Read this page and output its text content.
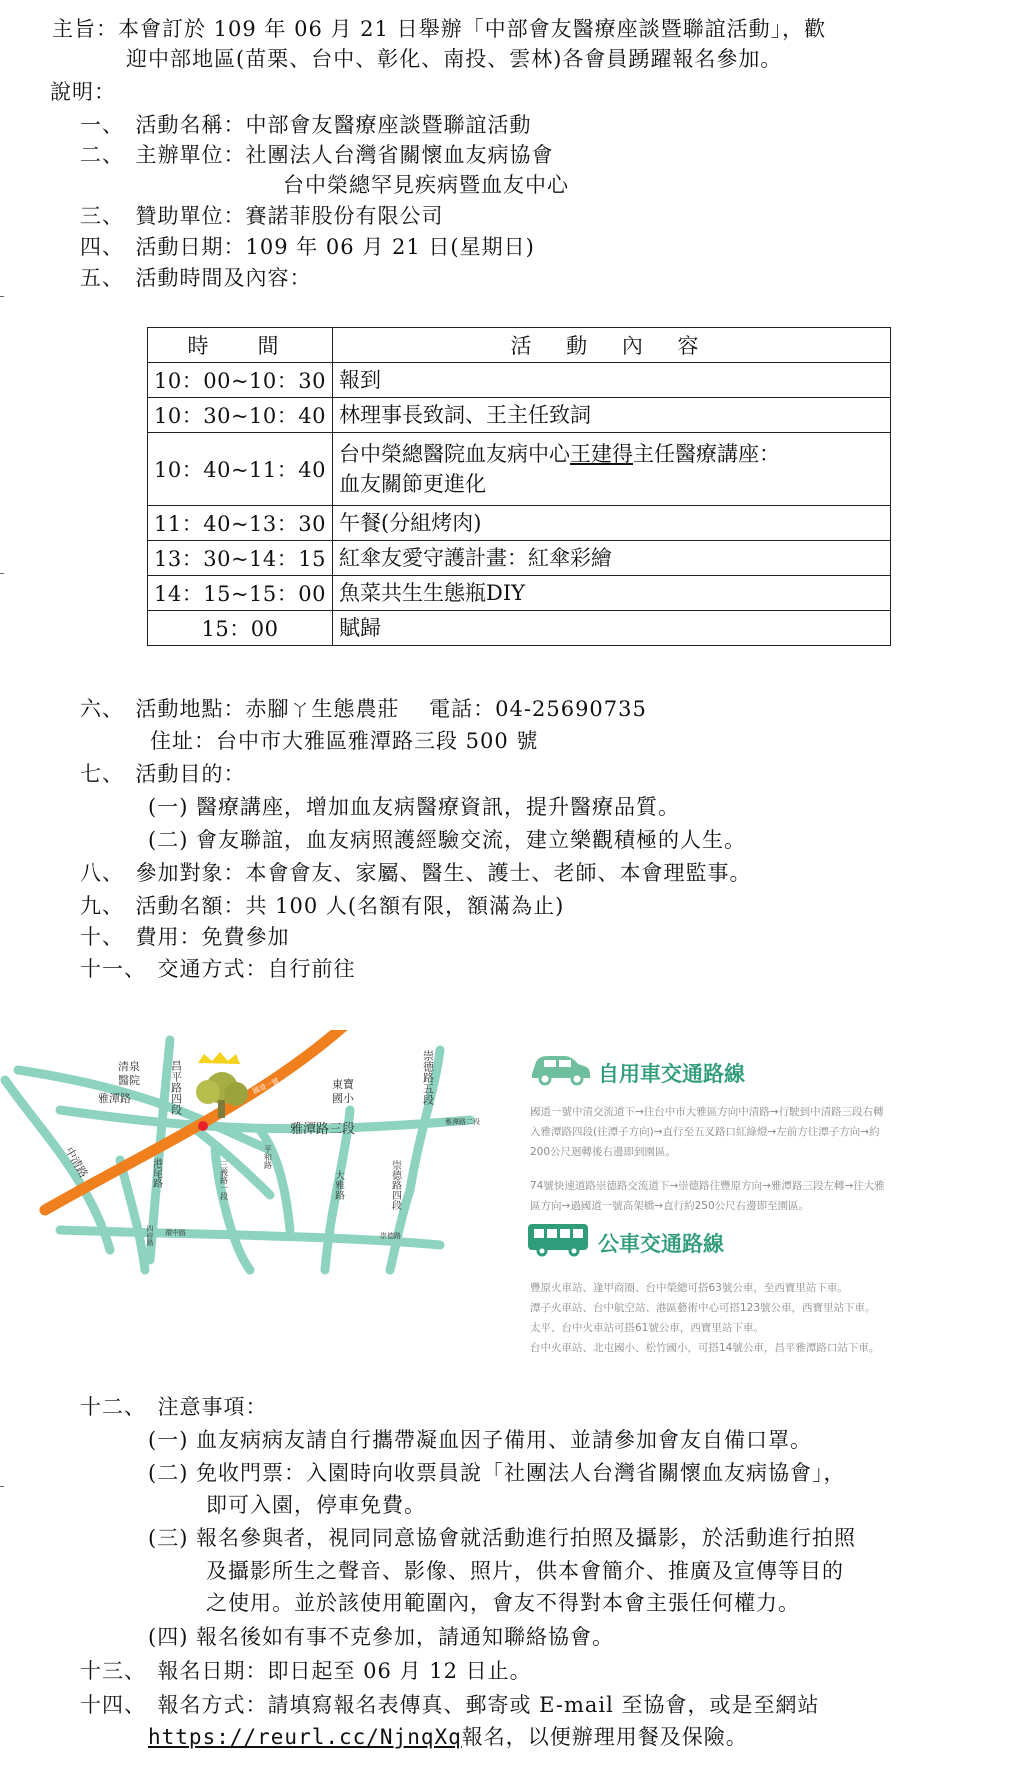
主旨：本會訂於 109 年 06 月 21 日舉辦「中部會友醫療座談暨聯誼活動」，歡
迎中部地區(苗栗、台中、彰化、南投、雲林)各會員踴躍報名參加。
說明：
一、　活動名稱：中部會友醫療座談暨聯誼活動
二、　主辦單位：社團法人台灣省關懷血友病協會
台中榮總罕見疾病暨血友中心
三、　贊助單位：賽諾菲股份有限公司
四、　活動日期：109 年 06 月 21 日(星期日)
五、　活動時間及內容：
時　間	活 動 內 容
10：00~10：30	報到
10：30~10：40	林理事長致詞、王主任致詞
10：40~11：40	台中榮總醫院血友病中心王建得主任醫療講座：
血友關節更進化
11：40~13：30	午餐(分組烤肉)
13：30~14：15	紅傘友愛守護計畫：紅傘彩繪
14：15~15：00	魚菜共生生態瓶DIY
15：00	賦歸
六、　活動地點：赤腳ㄚ生態農莊　 電話：04-25690735
住址：台中市大雅區雅潭路三段 500 號
七、　活動目的：
(一) 醫療講座，增加血友病醫療資訊，提升醫療品質。
(二) 會友聯誼，血友病照護經驗交流，建立樂觀積極的人生。
八、　參加對象：本會會友、家屬、醫生、護士、老師、本會理監事。
九、　活動名額：共 100 人(名額有限，額滿為止)
十、　費用：免費參加
十一、　交通方式：自行前往
清泉
醫院
雅潭路	昌平路四段	東寶
國小
雅潭路三段
崇德路五段
中清路	港尾路
國道一號
崇德路四段
大雅路
四府路 環中路	崇德路
雅潭路二段
三義路一段
平和路
自用車交通路線
國道一號中清交流道下→往台中市大雅區方向中清路→行駛到中清路三段右轉
入雅潭路四段(往潭子方向)→直行至五叉路口紅綠燈→左前方往潭子方向→約
200公尺迴轉後右邊即到園區。
74號快速道路崇德路交流道下→崇德路往豐原方向→雅潭路三段左轉→往大雅
區方向→過國道一號高架橋→直行約250公尺右邊即至園區。
公車交通路線
豐原火車站、逢甲商圈、台中榮總可搭63號公車，至西寶里站下車。
潭子火車站、台中航空站、港區藝術中心可搭123號公車，西寶里站下車。
太平、台中火車站可搭61號公車，西寶里站下車。
台中火車站、北屯國小、松竹國小，可搭14號公車，昌平雅潭路口站下車。
十二、　注意事項：
(一) 血友病病友請自行攜帶凝血因子備用、並請參加會友自備口罩。
(二) 免收門票：入園時向收票員說「社團法人台灣省關懷血友病協會」，
即可入園，停車免費。
(三) 報名參與者，視同同意協會就活動進行拍照及攝影，於活動進行拍照
及攝影所生之聲音、影像、照片，供本會簡介、推廣及宣傳等目的
之使用。並於該使用範圍內，會友不得對本會主張任何權力。
(四) 報名後如有事不克參加，請通知聯絡協會。
十三、　報名日期：即日起至 06 月 12 日止。
十四、　報名方式：請填寫報名表傳真、郵寄或 E-mail 至協會，或是至網站
https://reurl.cc/NjnqXq報名，以便辦理用餐及保險。
